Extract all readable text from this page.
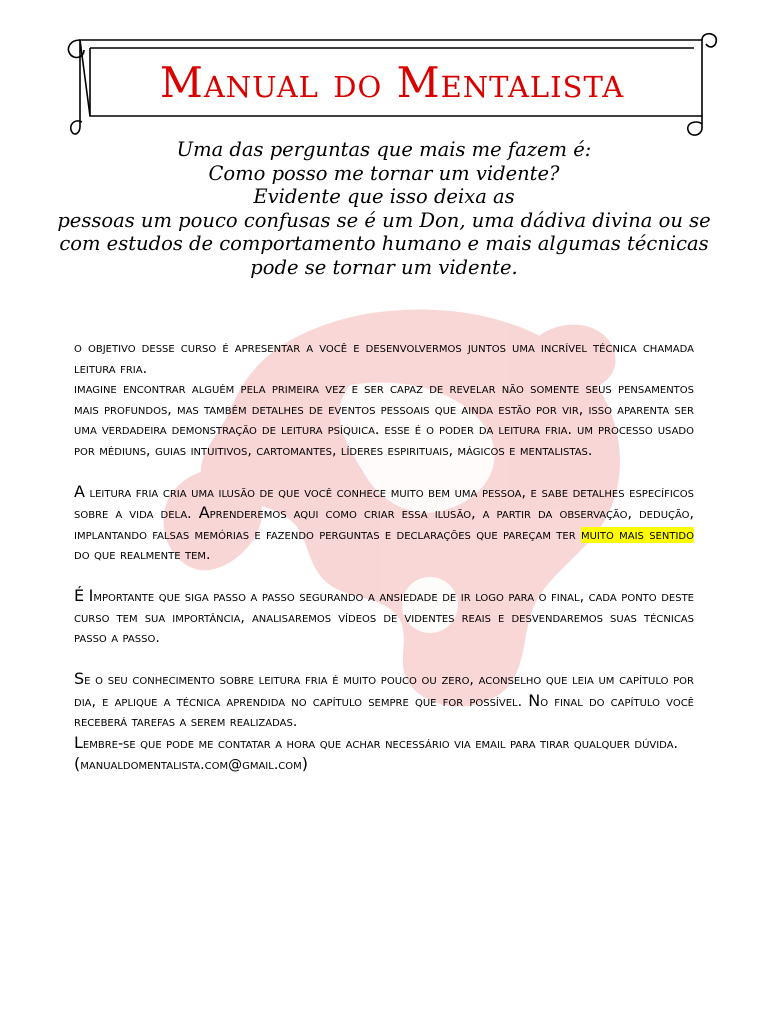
Manual do Mentalista
Uma das perguntas que mais me fazem é:
Como posso me tornar um vidente?
Evidente que isso deixa as
pessoas um pouco confusas se é um Don, uma dádiva divina ou se
com estudos de comportamento humano e mais algumas técnicas
pode se tornar um vidente.

o objetivo desse curso é apresentar a você e desenvolvermos juntos uma incrível técnica chamada leitura fria.

imagine encontrar alguém pela primeira vez e ser capaz de revelar não somente seus pensamentos mais profundos, mas também detalhes de eventos pessoais que ainda estão por vir, isso aparenta ser uma verdadeira demonstração de leitura psíquica. esse é o poder da leitura fria. um processo usado por médiuns, guias intuitivos, cartomantes, líderes espirituais, mágicos e mentalistas.

A leitura fria cria uma ilusão de que você conhece muito bem uma pessoa, e sabe detalhes específicos sobre a vida dela. Aprenderemos aqui como criar essa ilusão, a partir da observação, dedução, implantando falsas memórias e fazendo perguntas e declarações que pareçam ter muito mais sentido do que realmente tem.

É Importante que siga passo a passo segurando a ansiedade de ir logo para o final, cada ponto deste curso tem sua importância, analisaremos vídeos de videntes reais e desvendaremos suas técnicas passo a passo.

Se o seu conhecimento sobre leitura fria é muito pouco ou zero, aconselho que leia um capítulo por dia, e aplique a técnica aprendida no capítulo sempre que for possível. No final do capítulo você receberá tarefas a serem realizadas.

Lembre-se que pode me contatar a hora que achar necessário via email para tirar qualquer dúvida.
(manualdomentalista.com@gmail.com)
